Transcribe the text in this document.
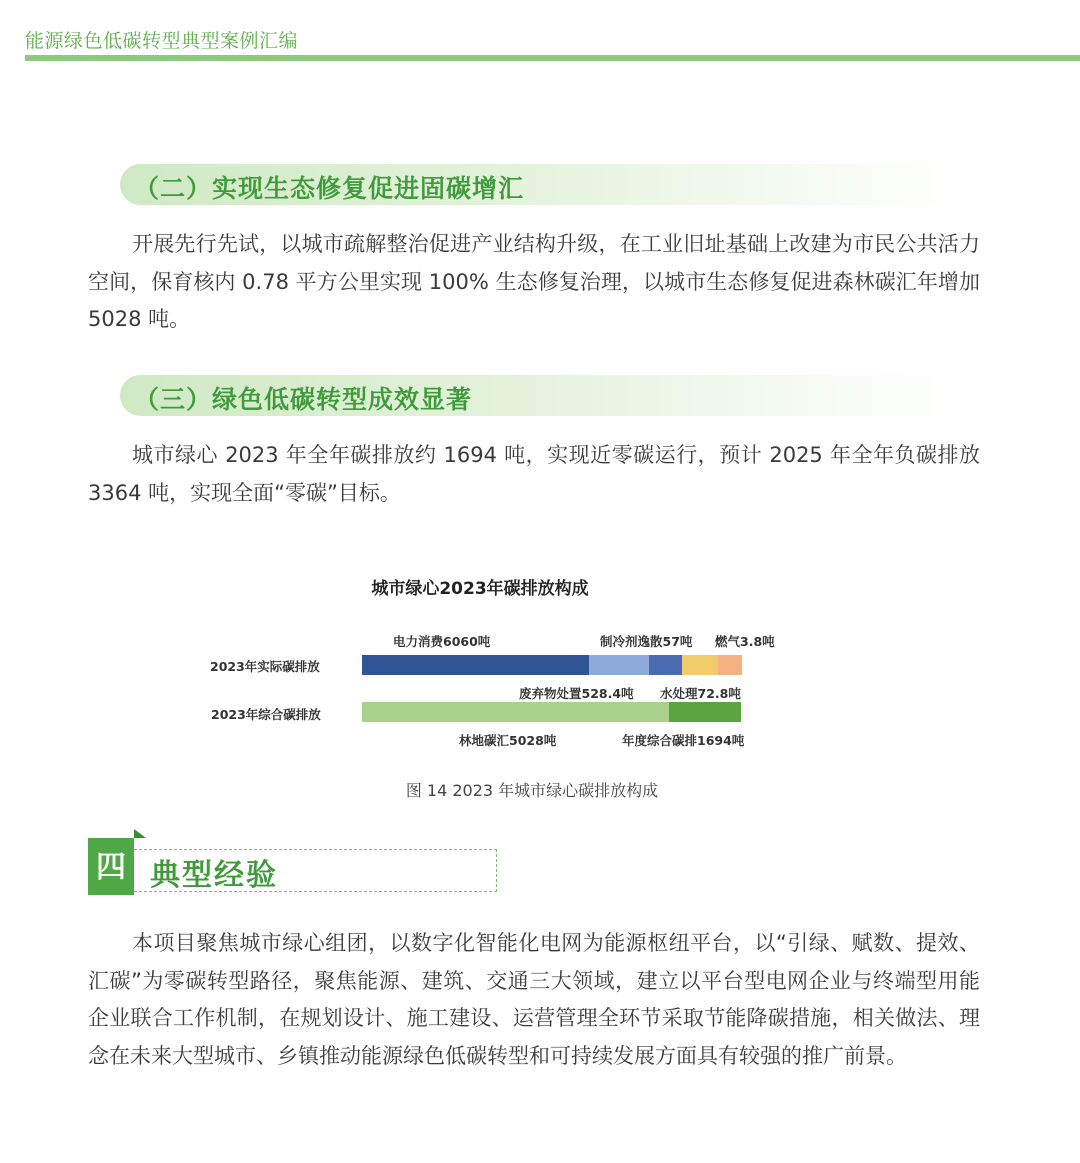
能源绿色低碳转型典型案例汇编
（二）实现生态修复促进固碳增汇

开展先行先试，以城市疏解整治促进产业结构升级，在工业旧址基础上改建为市民公共活力空间，保育核内 0.78 平方公里实现 100% 生态修复治理，以城市生态修复促进森林碳汇年增加 5028 吨。

（三）绿色低碳转型成效显著

城市绿心 2023 年全年碳排放约 1694 吨，实现近零碳运行，预计 2025 年全年负碳排放 3364 吨，实现全面“零碳”目标。

城市绿心2023年碳排放构成
2023年实际碳排放
2023年综合碳排放
电力消费6060吨	制冷剂逸散57吨 燃气3.8吨
废弃物处置528.4吨 水处理72.8吨
林地碳汇5028吨	年度综合碳排1694吨
图 14 2023 年城市绿心碳排放构成
四 典型经验

本项目聚焦城市绿心组团，以数字化智能化电网为能源枢纽平台，以“引绿、赋数、提效、汇碳”为零碳转型路径，聚焦能源、建筑、交通三大领域，建立以平台型电网企业与终端型用能企业联合工作机制，在规划设计、施工建设、运营管理全环节采取节能降碳措施，相关做法、理念在未来大型城市、乡镇推动能源绿色低碳转型和可持续发展方面具有较强的推广前景。
